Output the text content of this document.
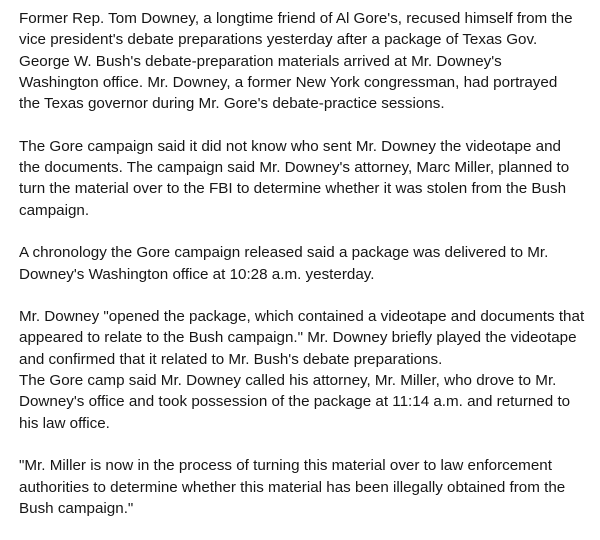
Former Rep. Tom Downey, a longtime friend of Al Gore's, recused himself from the
vice president's debate preparations yesterday after a package of Texas Gov.
George W. Bush's debate-preparation materials arrived at Mr. Downey's
Washington office. Mr. Downey, a former New York congressman, had portrayed
the Texas governor during Mr. Gore's debate-practice sessions.

The Gore campaign said it did not know who sent Mr. Downey the videotape and
the documents. The campaign said Mr. Downey's attorney, Marc Miller, planned to
turn the material over to the FBI to determine whether it was stolen from the Bush
campaign.

A chronology the Gore campaign released said a package was delivered to Mr.
Downey's Washington office at 10:28 a.m. yesterday.

Mr. Downey "opened the package, which contained a videotape and documents that
appeared to relate to the Bush campaign." Mr. Downey briefly played the videotape
and confirmed that it related to Mr. Bush's debate preparations.

The Gore camp said Mr. Downey called his attorney, Mr. Miller, who drove to Mr.
Downey's office and took possession of the package at 11:14 a.m. and returned to
his law office.

"Mr. Miller is now in the process of turning this material over to law enforcement
authorities to determine whether this material has been illegally obtained from the
Bush campaign."
